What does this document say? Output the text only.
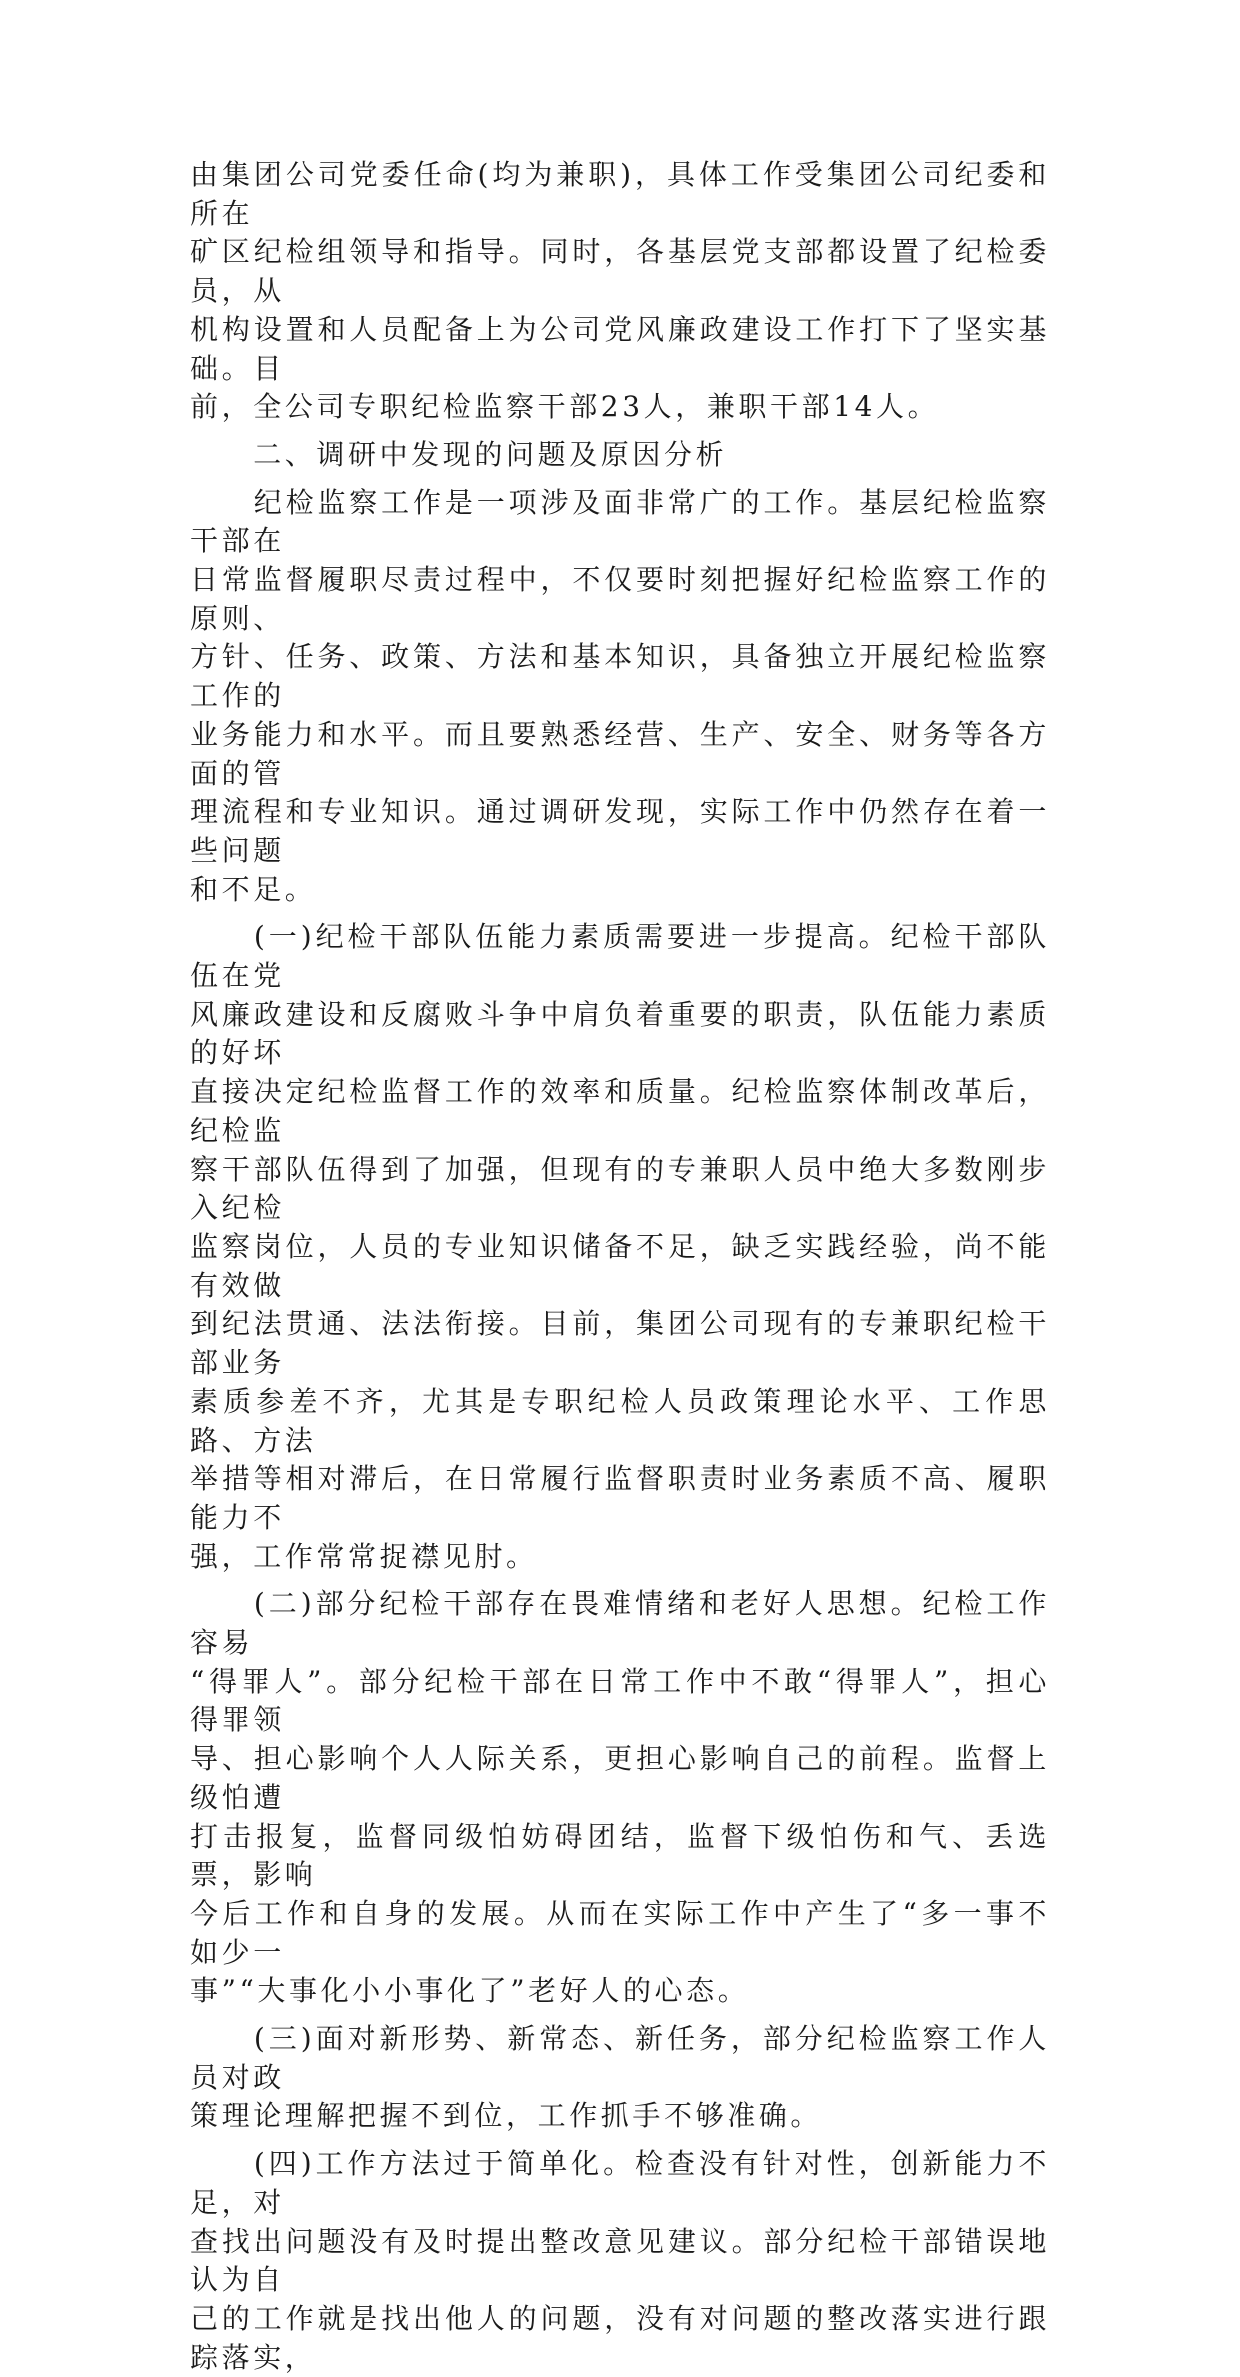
由集团公司党委任命(均为兼职)，具体工作受集团公司纪委和所在
矿区纪检组领导和指导。同时，各基层党支部都设置了纪检委员，从
机构设置和人员配备上为公司党风廉政建设工作打下了坚实基础。目
前，全公司专职纪检监察干部23人，兼职干部14人。

　　二、调研中发现的问题及原因分析

　　纪检监察工作是一项涉及面非常广的工作。基层纪检监察干部在
日常监督履职尽责过程中，不仅要时刻把握好纪检监察工作的原则、
方针、任务、政策、方法和基本知识，具备独立开展纪检监察工作的
业务能力和水平。而且要熟悉经营、生产、安全、财务等各方面的管
理流程和专业知识。通过调研发现，实际工作中仍然存在着一些问题
和不足。

　　(一)纪检干部队伍能力素质需要进一步提高。纪检干部队伍在党
风廉政建设和反腐败斗争中肩负着重要的职责，队伍能力素质的好坏
直接决定纪检监督工作的效率和质量。纪检监察体制改革后，纪检监
察干部队伍得到了加强，但现有的专兼职人员中绝大多数刚步入纪检
监察岗位，人员的专业知识储备不足，缺乏实践经验，尚不能有效做
到纪法贯通、法法衔接。目前，集团公司现有的专兼职纪检干部业务
素质参差不齐，尤其是专职纪检人员政策理论水平、工作思路、方法
举措等相对滞后，在日常履行监督职责时业务素质不高、履职能力不
强，工作常常捉襟见肘。

　　(二)部分纪检干部存在畏难情绪和老好人思想。纪检工作容易
“得罪人”。部分纪检干部在日常工作中不敢“得罪人”，担心得罪领
导、担心影响个人人际关系，更担心影响自己的前程。监督上级怕遭
打击报复，监督同级怕妨碍团结，监督下级怕伤和气、丢选票，影响
今后工作和自身的发展。从而在实际工作中产生了“多一事不如少一
事”“大事化小小事化了”老好人的心态。

　　(三)面对新形势、新常态、新任务，部分纪检监察工作人员对政
策理论理解把握不到位，工作抓手不够准确。

　　(四)工作方法过于简单化。检查没有针对性，创新能力不足，对
查找出问题没有及时提出整改意见建议。部分纪检干部错误地认为自
己的工作就是找出他人的问题，没有对问题的整改落实进行跟踪落实，
